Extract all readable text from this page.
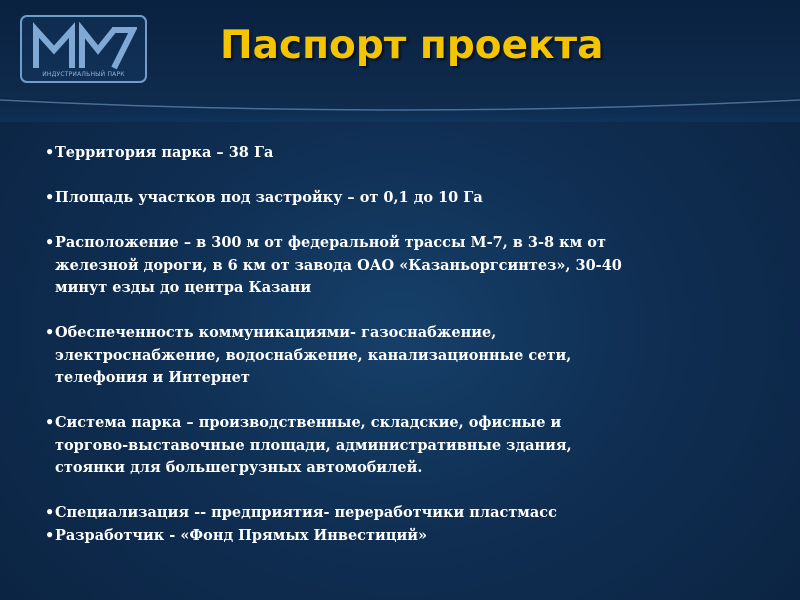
ИНДУСТРИАЛЬНЫЙ ПАРК
Паспорт проекта
• Территория парка – 38 Га
• Площадь участков под застройку – от 0,1 до 10 Га
• Расположение – в 300 м от федеральной трассы М-7, в 3-8 км от
железной дороги, в 6 км от завода ОАО «Казаньоргсинтез», 30-40
минут езды до центра Казани
• Обеспеченность коммуникациями- газоснабжение,
электроснабжение, водоснабжение, канализационные сети,
телефония и Интернет
• Система парка – производственные, складские, офисные и
торгово-выставочные площади, административные здания,
стоянки для большегрузных автомобилей.
• Специализация -- предприятия- переработчики пластмасс
• Разработчик - «Фонд Прямых Инвестиций»
